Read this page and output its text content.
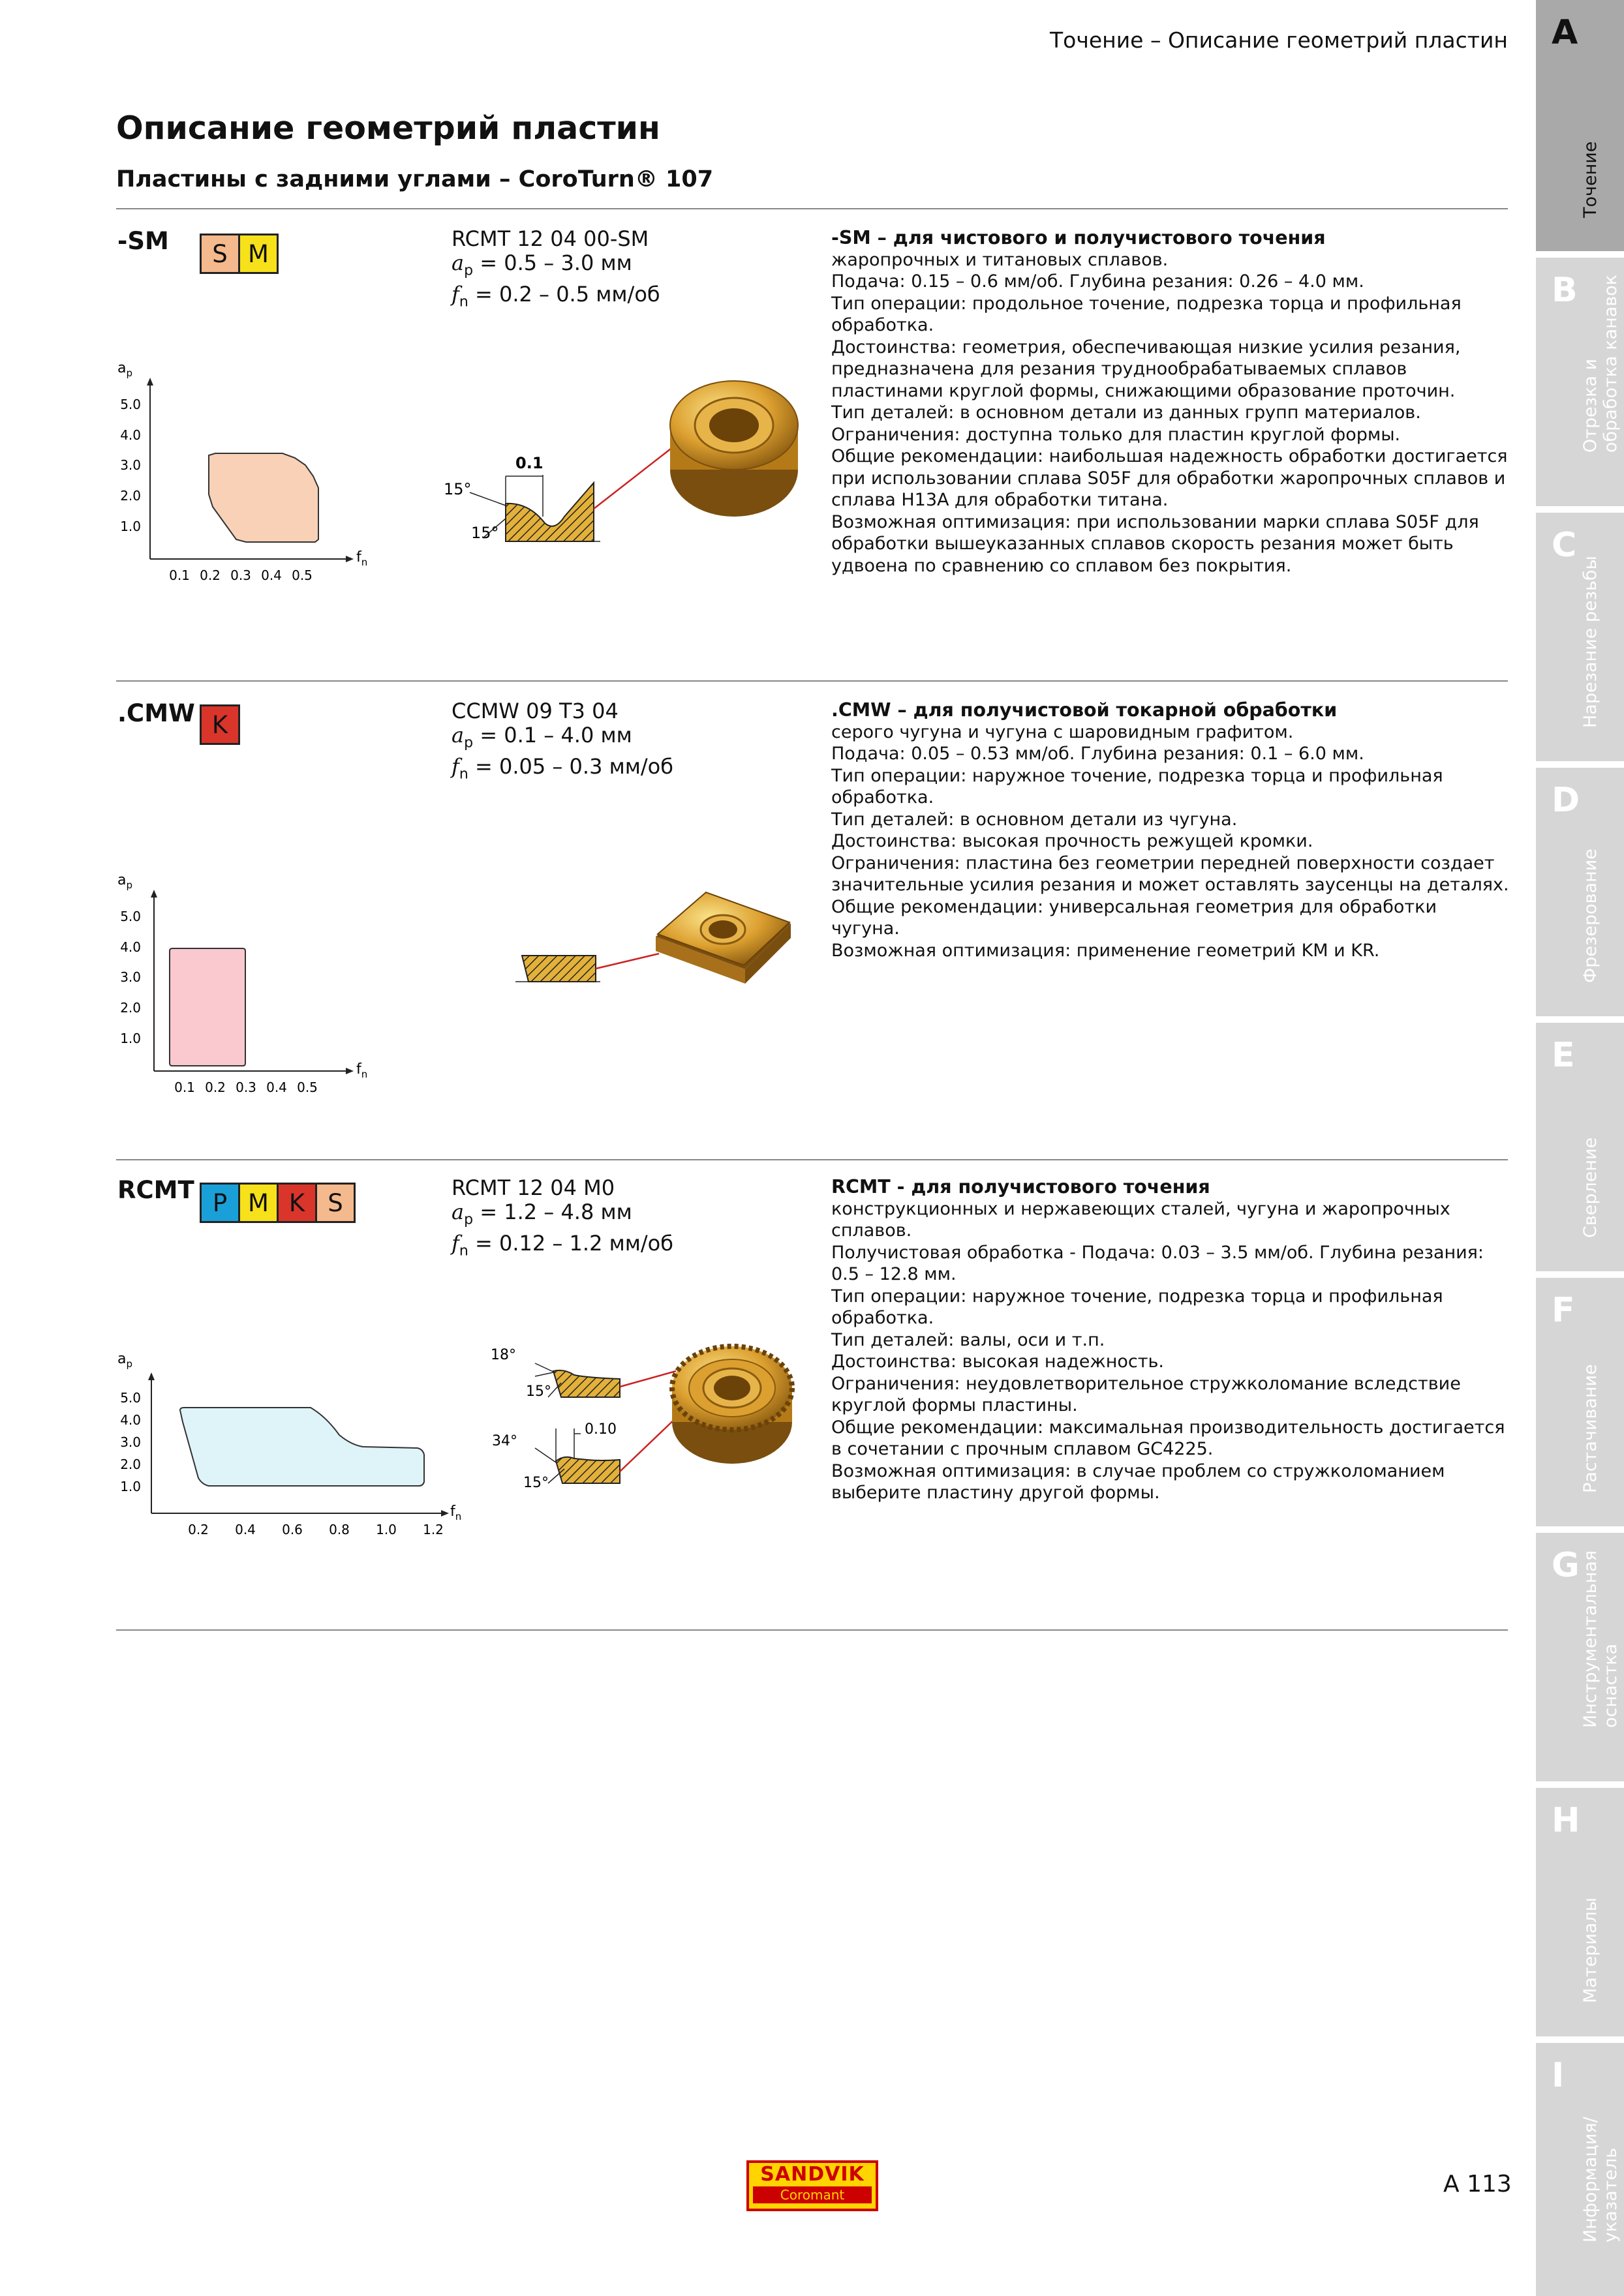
Точение – Описание геометрий пластин
Описание геометрий пластин
Пластины с задними углами – CoroTurn® 107
-SM	S M
RCMT 12 04 00-SM
$a_p = 0.5 - 3.0$ мм
$f_n = 0.2 - 0.5$ мм/об
$a_p$
5.0
4.0
3.0
2.0
1.0
0.1 0.2 0.3 0.4 0.5
$f_n$
0.1
15°
15°

-SM – для чистового и получистового точения

жаропрочных и титановых сплавов.

Подача: 0.15 – 0.6 мм/об. Глубина резания: 0.26 – 4.0 мм.

Тип операции: продольное точение, подрезка торца и профильная обработка.

Достоинства: геометрия, обеспечивающая низкие усилия резания, предназначена для резания труднообрабатываемых сплавов пластинами круглой формы, снижающими образование проточин.

Тип деталей: в основном детали из данных групп материалов.

Ограничения: доступна только для пластин круглой формы.

Общие рекомендации: наибольшая надежность обработки достигается при использовании сплава S05F для обработки жаропрочных сплавов и сплава H13A для обработки титана.

Возможная оптимизация: при использовании марки сплава S05F для обработки вышеуказанных сплавов скорость резания может быть удвоена по сравнению со сплавом без покрытия.

.CMW K	CCMW 09 T3 04
$a_p = 0.1 - 4.0$ мм
$f_n = 0.05 - 0.3$ мм/об
$a_p$
5.0
4.0
3.0
2.0
1.0
0.1 0.2 0.3 0.4 0.5
$f_n$

.CMW – для получистовой токарной обработки

серого чугуна и чугуна с шаровидным графитом.

Подача: 0.05 – 0.53 мм/об. Глубина резания: 0.1 – 6.0 мм.

Тип операции: наружное точение, подрезка торца и профильная обработка.

Тип деталей: в основном детали из чугуна.

Достоинства: высокая прочность режущей кромки.

Ограничения: пластина без геометрии передней поверхности создает значительные усилия резания и может оставлять заусенцы на деталях.

Общие рекомендации: универсальная геометрия для обработки чугуна.

Возможная оптимизация: применение геометрий KM и KR.

RCMT P M K S
RCMT 12 04 M0
$a_p = 1.2 - 4.8$ мм
$f_n = 0.12 - 1.2$ мм/об
$a_p$
5.0
4.0
3.0
2.0
1.0
0.2 0.4 0.6 0.8 1.0 1.2
$f_n$
18°
15°
0.10
34°
15°

RCMT - для получистового точения

конструкционных и нержавеющих сталей, чугуна и жаропрочных сплавов.

Получистовая обработка - Подача: 0.03 – 3.5 мм/об. Глубина резания: 0.5 – 12.8 мм.

Тип операции: наружное точение, подрезка торца и профильная обработка.

Тип деталей: валы, оси и т.п.

Достоинства: высокая надежность.

Ограничения: неудовлетворительное стружколомание вследствие круглой формы пластины.

Общие рекомендации: максимальная производительность достигается в сочетании с прочным сплавом GC4225.

Возможная оптимизация: в случае проблем со стружколоманием выберите пластину другой формы.

A
Точение
B
Отрезка и
обработка канавок
C
Нарезание резьбы
D
Фрезерование
E
Сверление
F
Растачивание
G Инструментальная
оснастка
H
Материалы
I
Информация/
указатель
SANDVIK
Coromant	A 113
